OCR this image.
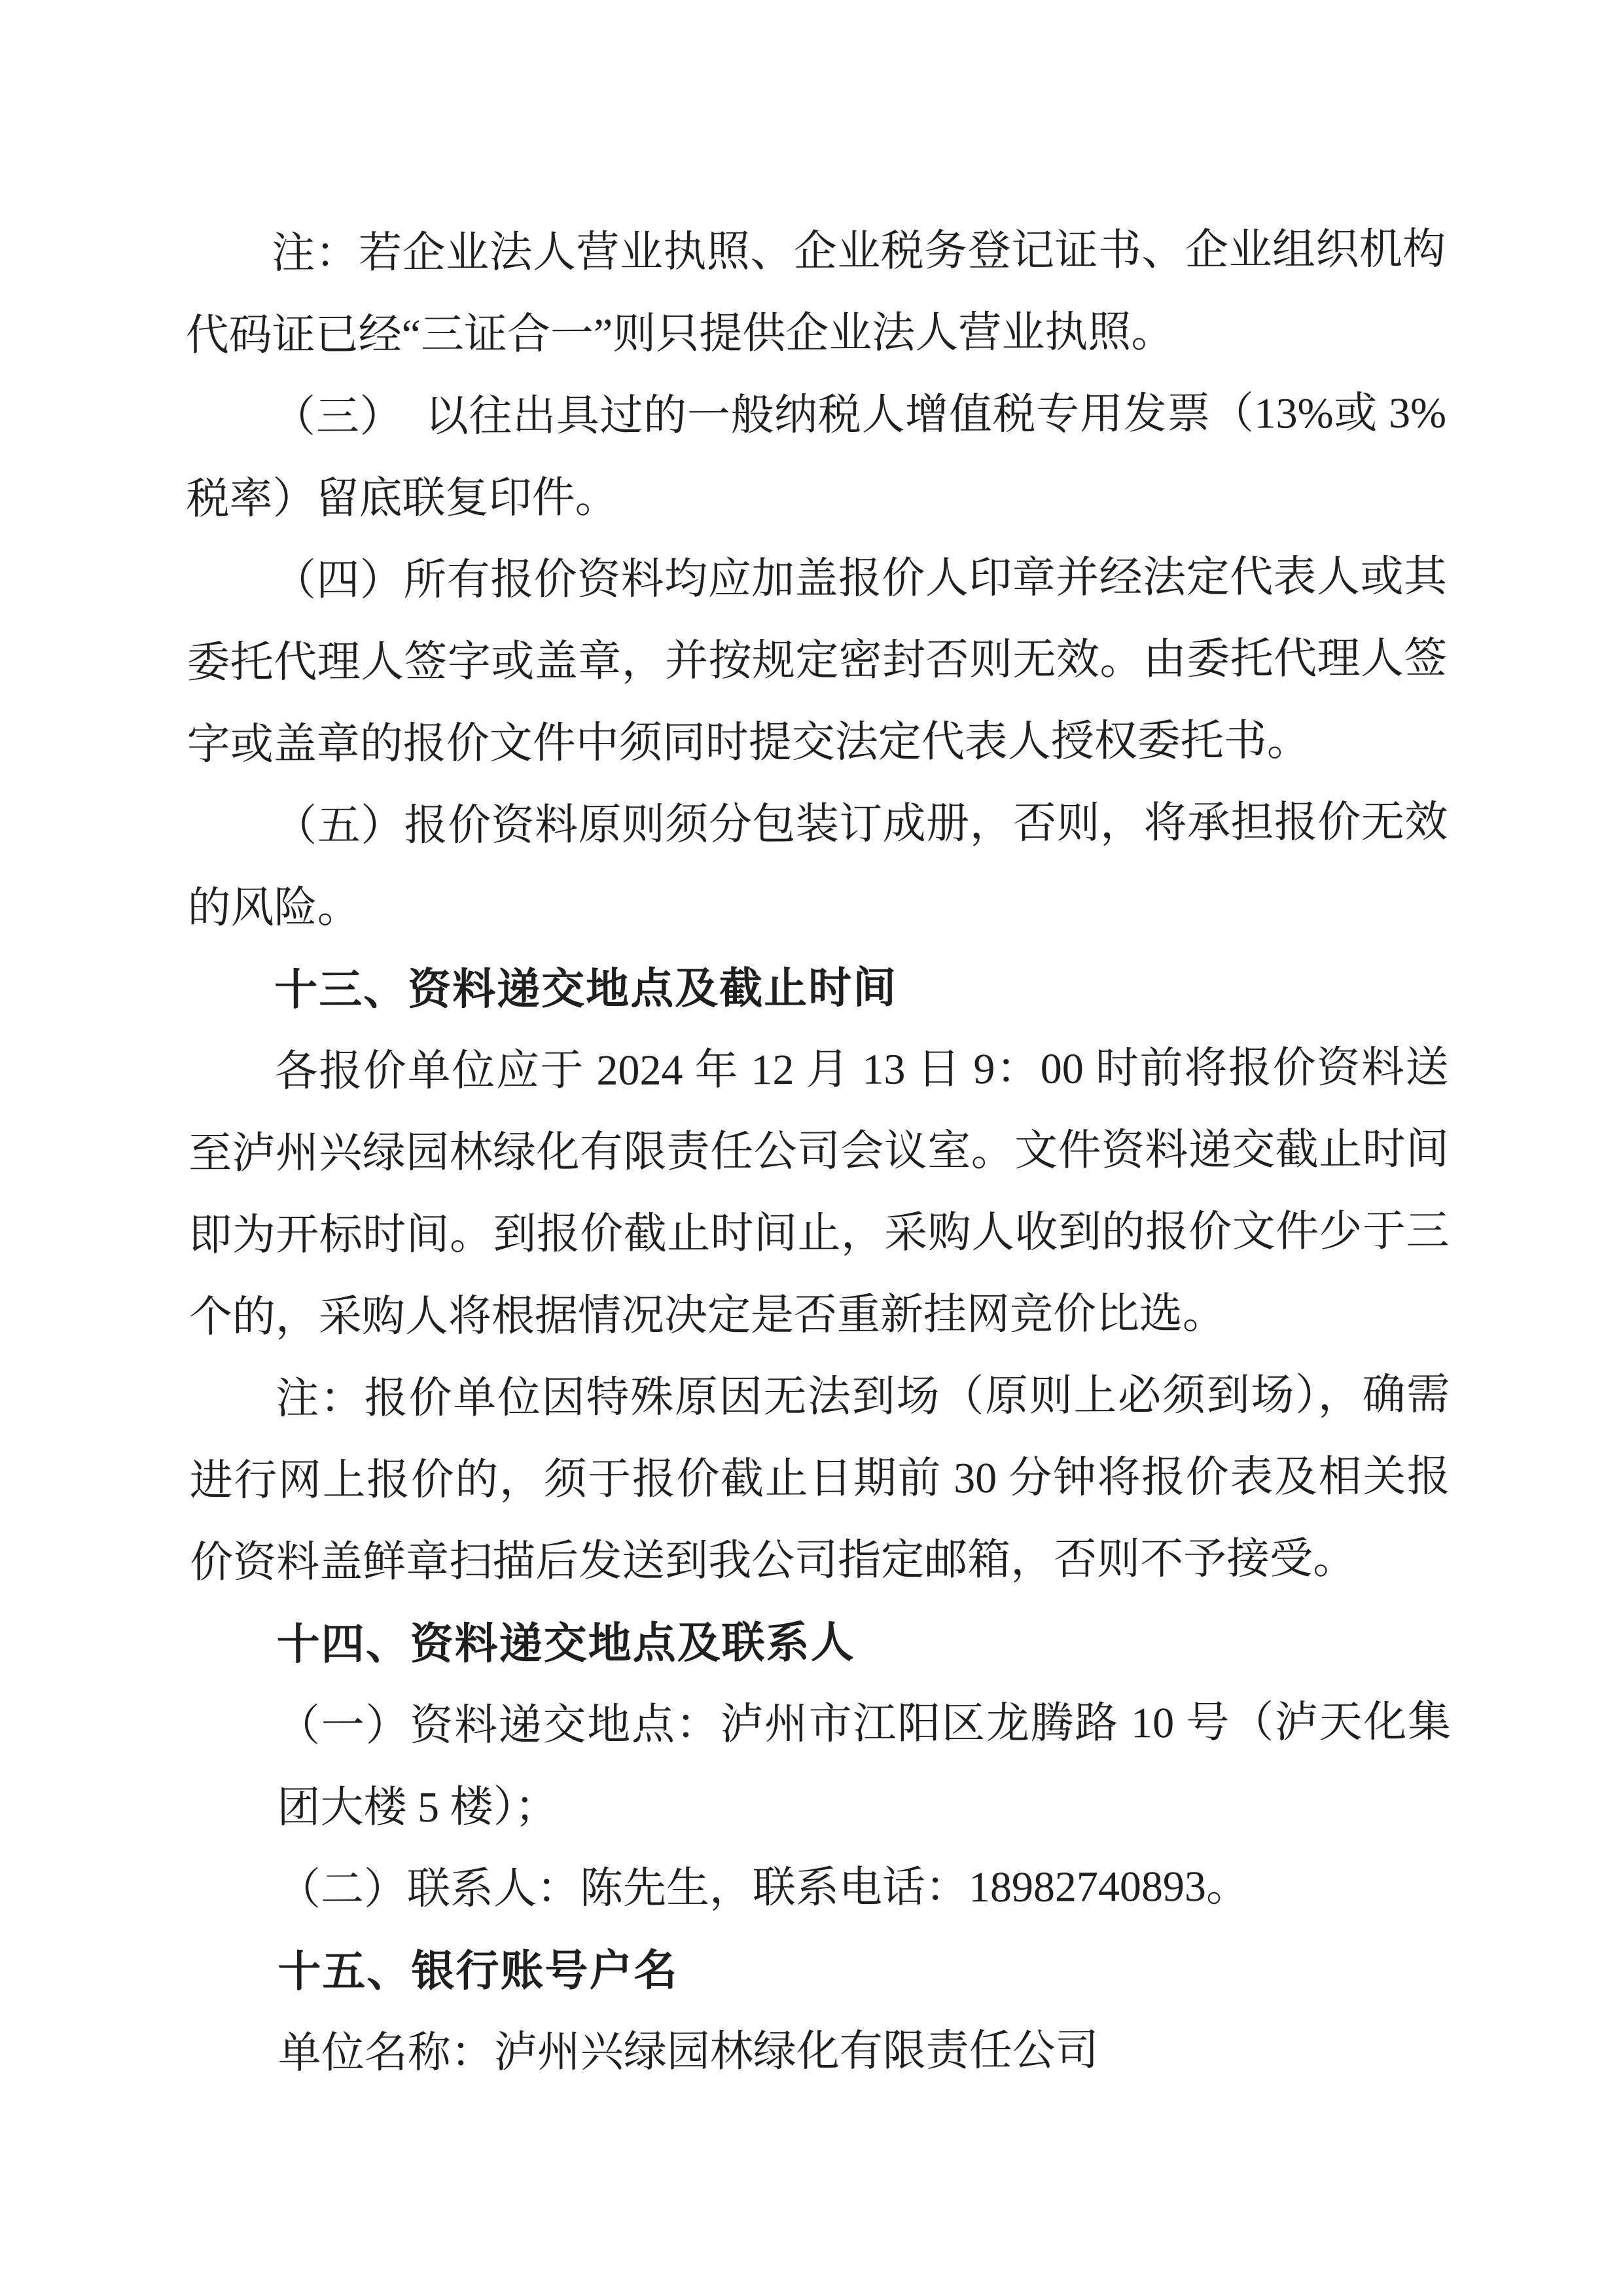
注：若企业法人营业执照、企业税务登记证书、企业组织机构
代码证已经“三证合一”则只提供企业法人营业执照。
（三）　以往出具过的一般纳税人增值税专用发票（13%或 3%
税率）留底联复印件。
（四）所有报价资料均应加盖报价人印章并经法定代表人或其
委托代理人签字或盖章，并按规定密封否则无效。由委托代理人签
字或盖章的报价文件中须同时提交法定代表人授权委托书。
（五）报价资料原则须分包装订成册，否则，将承担报价无效
的风险。
十三、资料递交地点及截止时间
各报价单位应于 2024 年 12 月 13 日 9：00 时前将报价资料送
至泸州兴绿园林绿化有限责任公司会议室。文件资料递交截止时间
即为开标时间。到报价截止时间止，采购人收到的报价文件少于三
个的，采购人将根据情况决定是否重新挂网竞价比选。
注：报价单位因特殊原因无法到场（原则上必须到场），确需
进行网上报价的，须于报价截止日期前 30 分钟将报价表及相关报
价资料盖鲜章扫描后发送到我公司指定邮箱，否则不予接受。
十四、资料递交地点及联系人
（一）资料递交地点：泸州市江阳区龙腾路 10 号（泸天化集
团大楼 5 楼）；
（二）联系人：陈先生，联系电话：18982740893。
十五、银行账号户名
单位名称：泸州兴绿园林绿化有限责任公司
